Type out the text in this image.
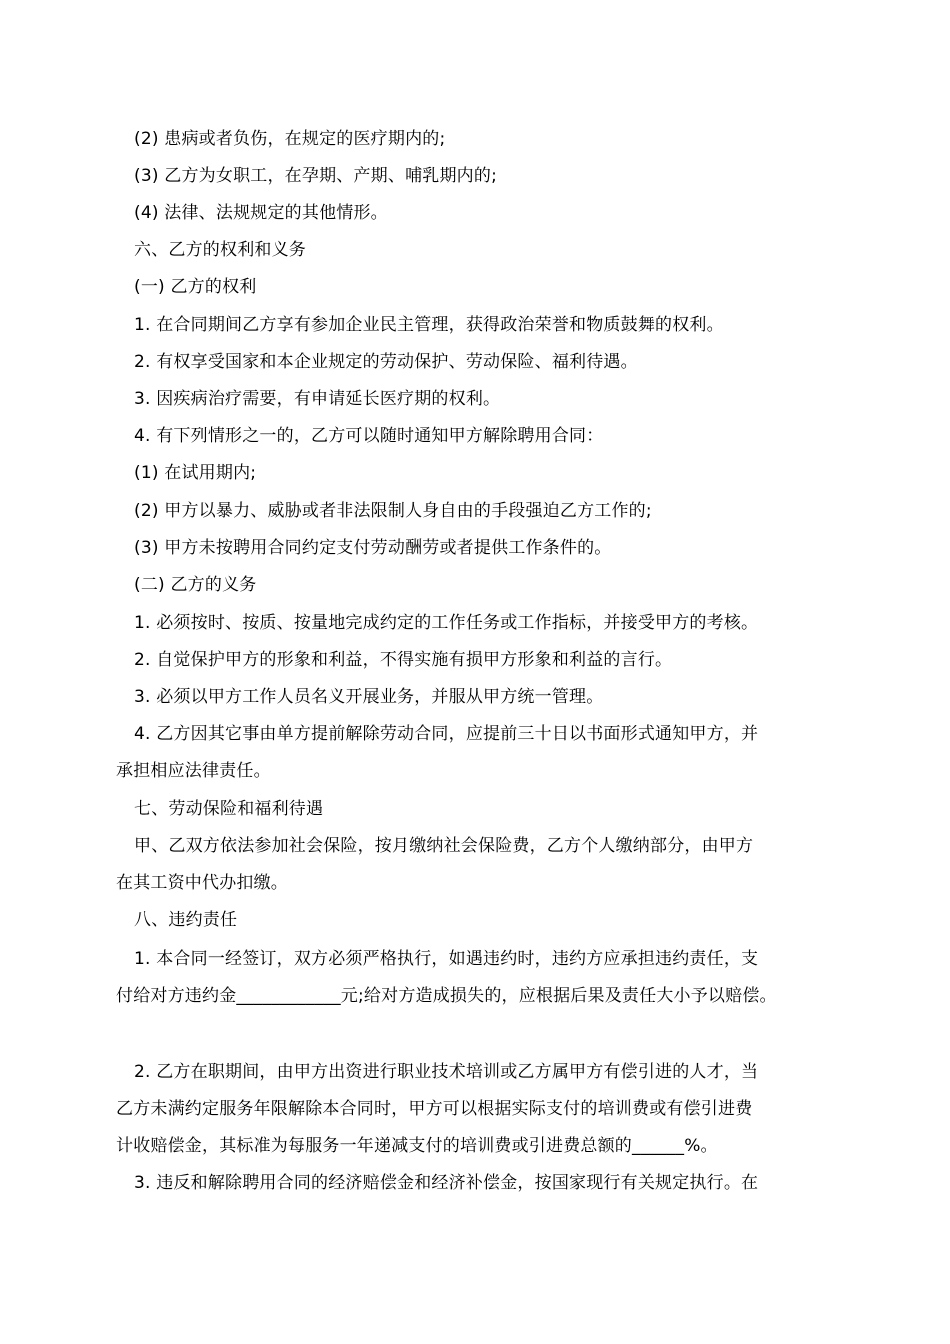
(2) 患病或者负伤，在规定的医疗期内的;
(3) 乙方为女职工，在孕期、产期、哺乳期内的;
(4) 法律、法规规定的其他情形。
六、乙方的权利和义务
(一) 乙方的权利
1. 在合同期间乙方享有参加企业民主管理，获得政治荣誉和物质鼓舞的权利。
2. 有权享受国家和本企业规定的劳动保护、劳动保险、福利待遇。
3. 因疾病治疗需要，有申请延长医疗期的权利。
4. 有下列情形之一的，乙方可以随时通知甲方解除聘用合同：
(1) 在试用期内;
(2) 甲方以暴力、威胁或者非法限制人身自由的手段强迫乙方工作的;
(3) 甲方未按聘用合同约定支付劳动酬劳或者提供工作条件的。
(二) 乙方的义务
1. 必须按时、按质、按量地完成约定的工作任务或工作指标，并接受甲方的考核。
2. 自觉保护甲方的形象和利益，不得实施有损甲方形象和利益的言行。
3. 必须以甲方工作人员名义开展业务，并服从甲方统一管理。
4. 乙方因其它事由单方提前解除劳动合同，应提前三十日以书面形式通知甲方，并
承担相应法律责任。
七、劳动保险和福利待遇
甲、乙双方依法参加社会保险，按月缴纳社会保险费，乙方个人缴纳部分，由甲方
在其工资中代办扣缴。
八、违约责任
1. 本合同一经签订，双方必须严格执行，如遇违约时，违约方应承担违约责任，支
付给对方违约金____________元;给对方造成损失的，应根据后果及责任大小予以赔偿。
2. 乙方在职期间，由甲方出资进行职业技术培训或乙方属甲方有偿引进的人才，当
乙方未满约定服务年限解除本合同时，甲方可以根据实际支付的培训费或有偿引进费
计收赔偿金，其标准为每服务一年递减支付的培训费或引进费总额的______%。
3. 违反和解除聘用合同的经济赔偿金和经济补偿金，按国家现行有关规定执行。在
